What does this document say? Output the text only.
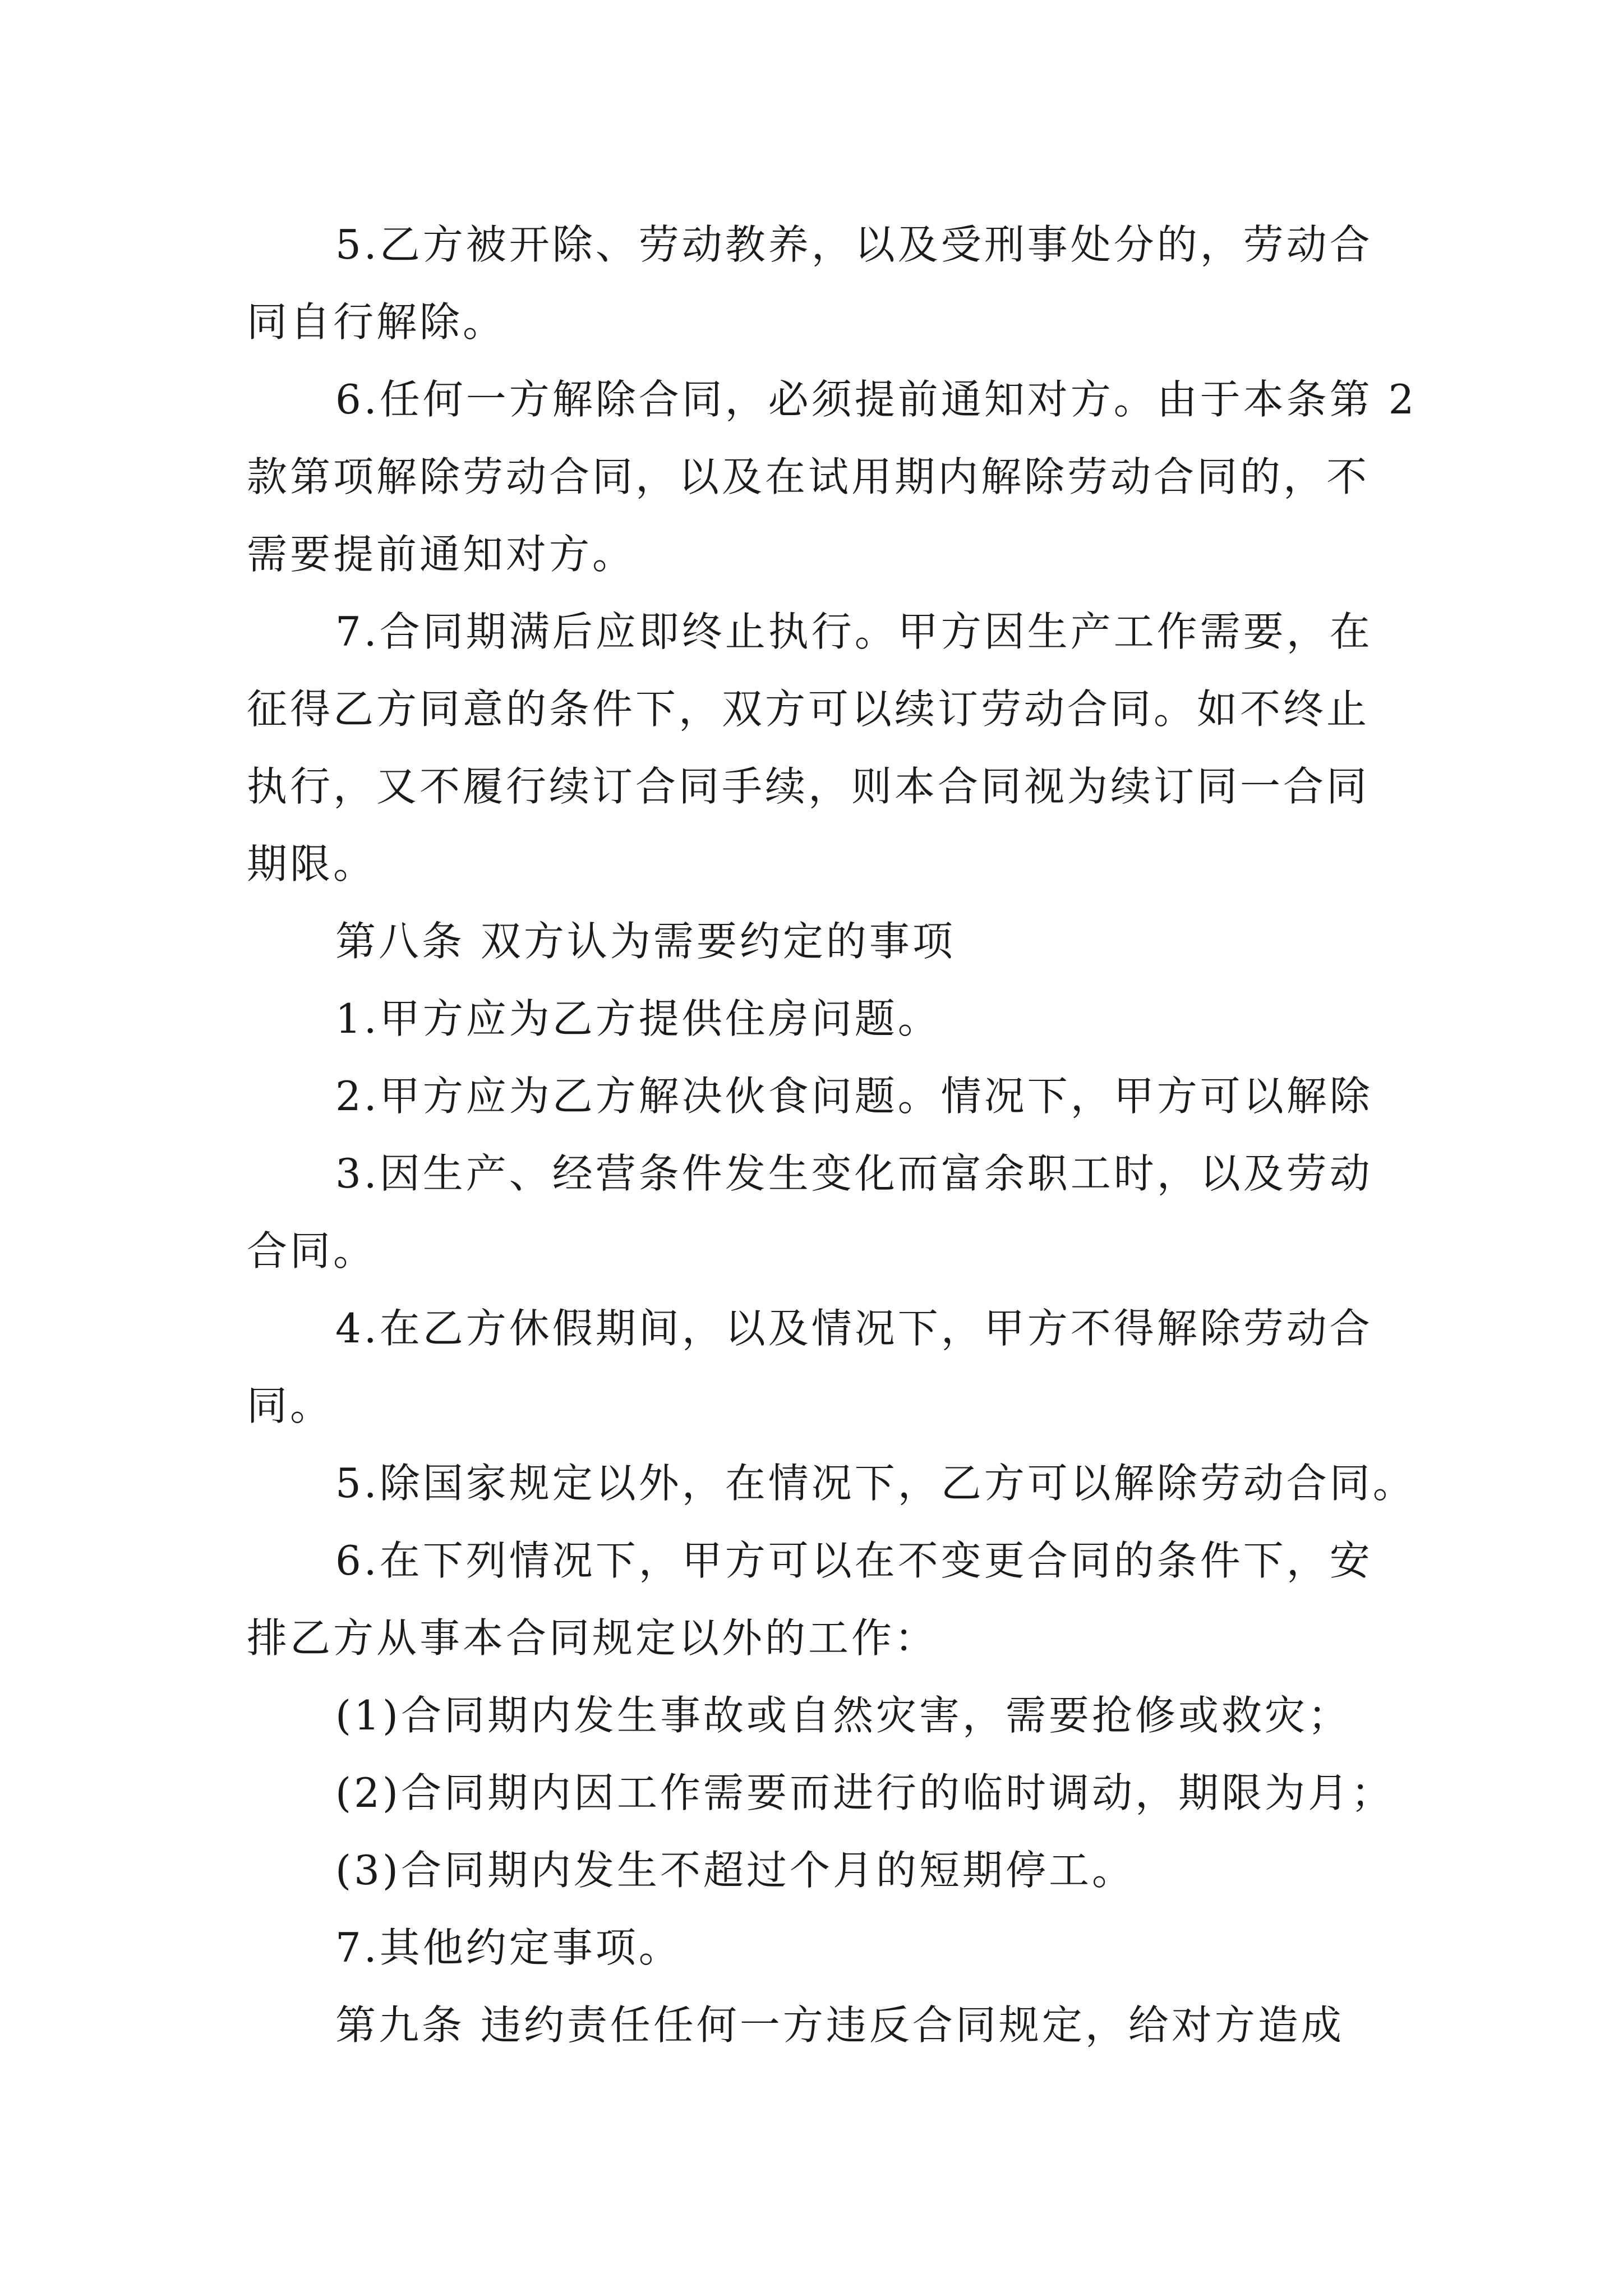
5.乙方被开除、劳动教养，以及受刑事处分的，劳动合
同自行解除。
6.任何一方解除合同，必须提前通知对方。由于本条第 2
款第项解除劳动合同，以及在试用期内解除劳动合同的，不
需要提前通知对方。
7.合同期满后应即终止执行。甲方因生产工作需要，在
征得乙方同意的条件下，双方可以续订劳动合同。如不终止
执行，又不履行续订合同手续，则本合同视为续订同一合同
期限。
第八条 双方认为需要约定的事项
1.甲方应为乙方提供住房问题。
2.甲方应为乙方解决伙食问题。情况下，甲方可以解除
3.因生产、经营条件发生变化而富余职工时，以及劳动
合同。
4.在乙方休假期间，以及情况下，甲方不得解除劳动合
同。
5.除国家规定以外，在情况下，乙方可以解除劳动合同。
6.在下列情况下，甲方可以在不变更合同的条件下，安
排乙方从事本合同规定以外的工作：
(1)合同期内发生事故或自然灾害，需要抢修或救灾；
(2)合同期内因工作需要而进行的临时调动，期限为月；
(3)合同期内发生不超过个月的短期停工。
7.其他约定事项。
第九条 违约责任任何一方违反合同规定，给对方造成
